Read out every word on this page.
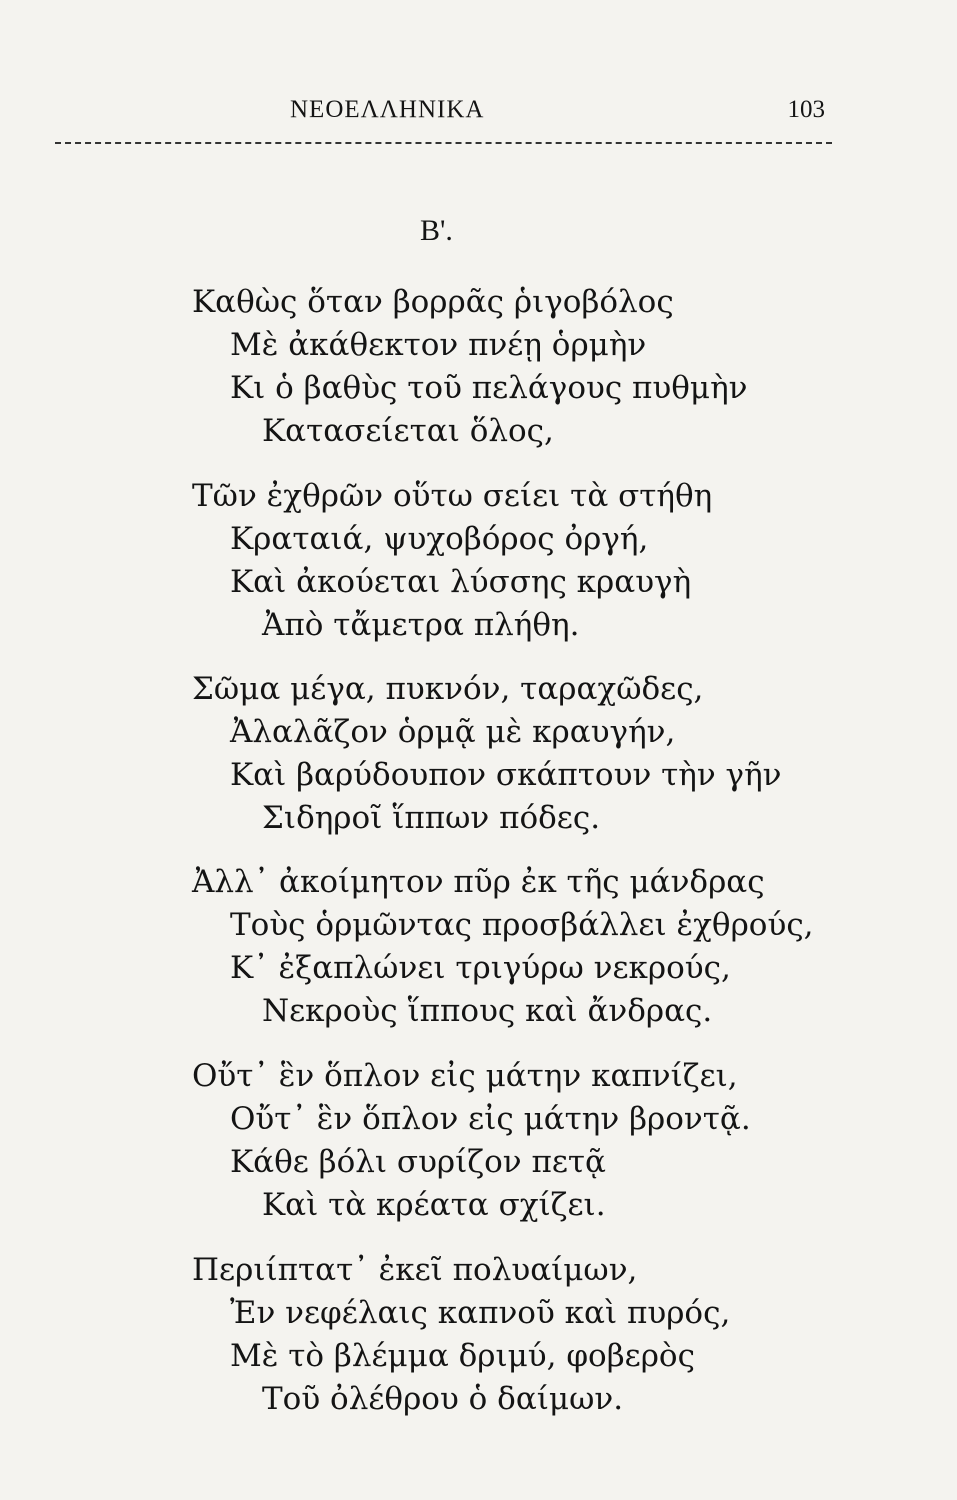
ΝΕΟΕΛΛΗΝΙΚΑ	103
Β'.
Καθὼς ὅταν βορρᾶς ῥιγοβόλος
Μὲ ἀκάθεκτον πνέῃ ὁρμὴν
Κι ὁ βαθὺς τοῦ πελάγους πυθμὴν
Κατασείεται ὅλος,
Τῶν ἐχθρῶν οὕτω σείει τὰ στήθη
Κραταιά, ψυχοβόρος ὀργή,
Καὶ ἀκούεται λύσσης κραυγὴ
Ἀπὸ τἄμετρα πλήθη.
Σῶμα μέγα, πυκνόν, ταραχῶδες,
Ἀλαλᾶζον ὁρμᾷ μὲ κραυγήν,
Καὶ βαρύδουπον σκάπτουν τὴν γῆν
Σιδηροῖ ἵππων πόδες.
Ἀλλ᾽ ἀκοίμητον πῦρ ἐκ τῆς μάνδρας
Τοὺς ὁρμῶντας προσβάλλει ἐχθρούς,
Κ᾽ ἐξαπλώνει τριγύρω νεκρούς,
Νεκροὺς ἵππους καὶ ἄνδρας.
Οὔτ᾽ ἓν ὅπλον εἰς μάτην καπνίζει,
Οὔτ᾽ ἓν ὅπλον εἰς μάτην βροντᾷ.
Κάθε βόλι συρίζον πετᾷ
Καὶ τὰ κρέατα σχίζει.
Περιίπτατ᾽ ἐκεῖ πολυαίμων,
Ἐν νεφέλαις καπνοῦ καὶ πυρός,
Μὲ τὸ βλέμμα δριμύ, φοβερὸς
Τοῦ ὀλέθρου ὁ δαίμων.
